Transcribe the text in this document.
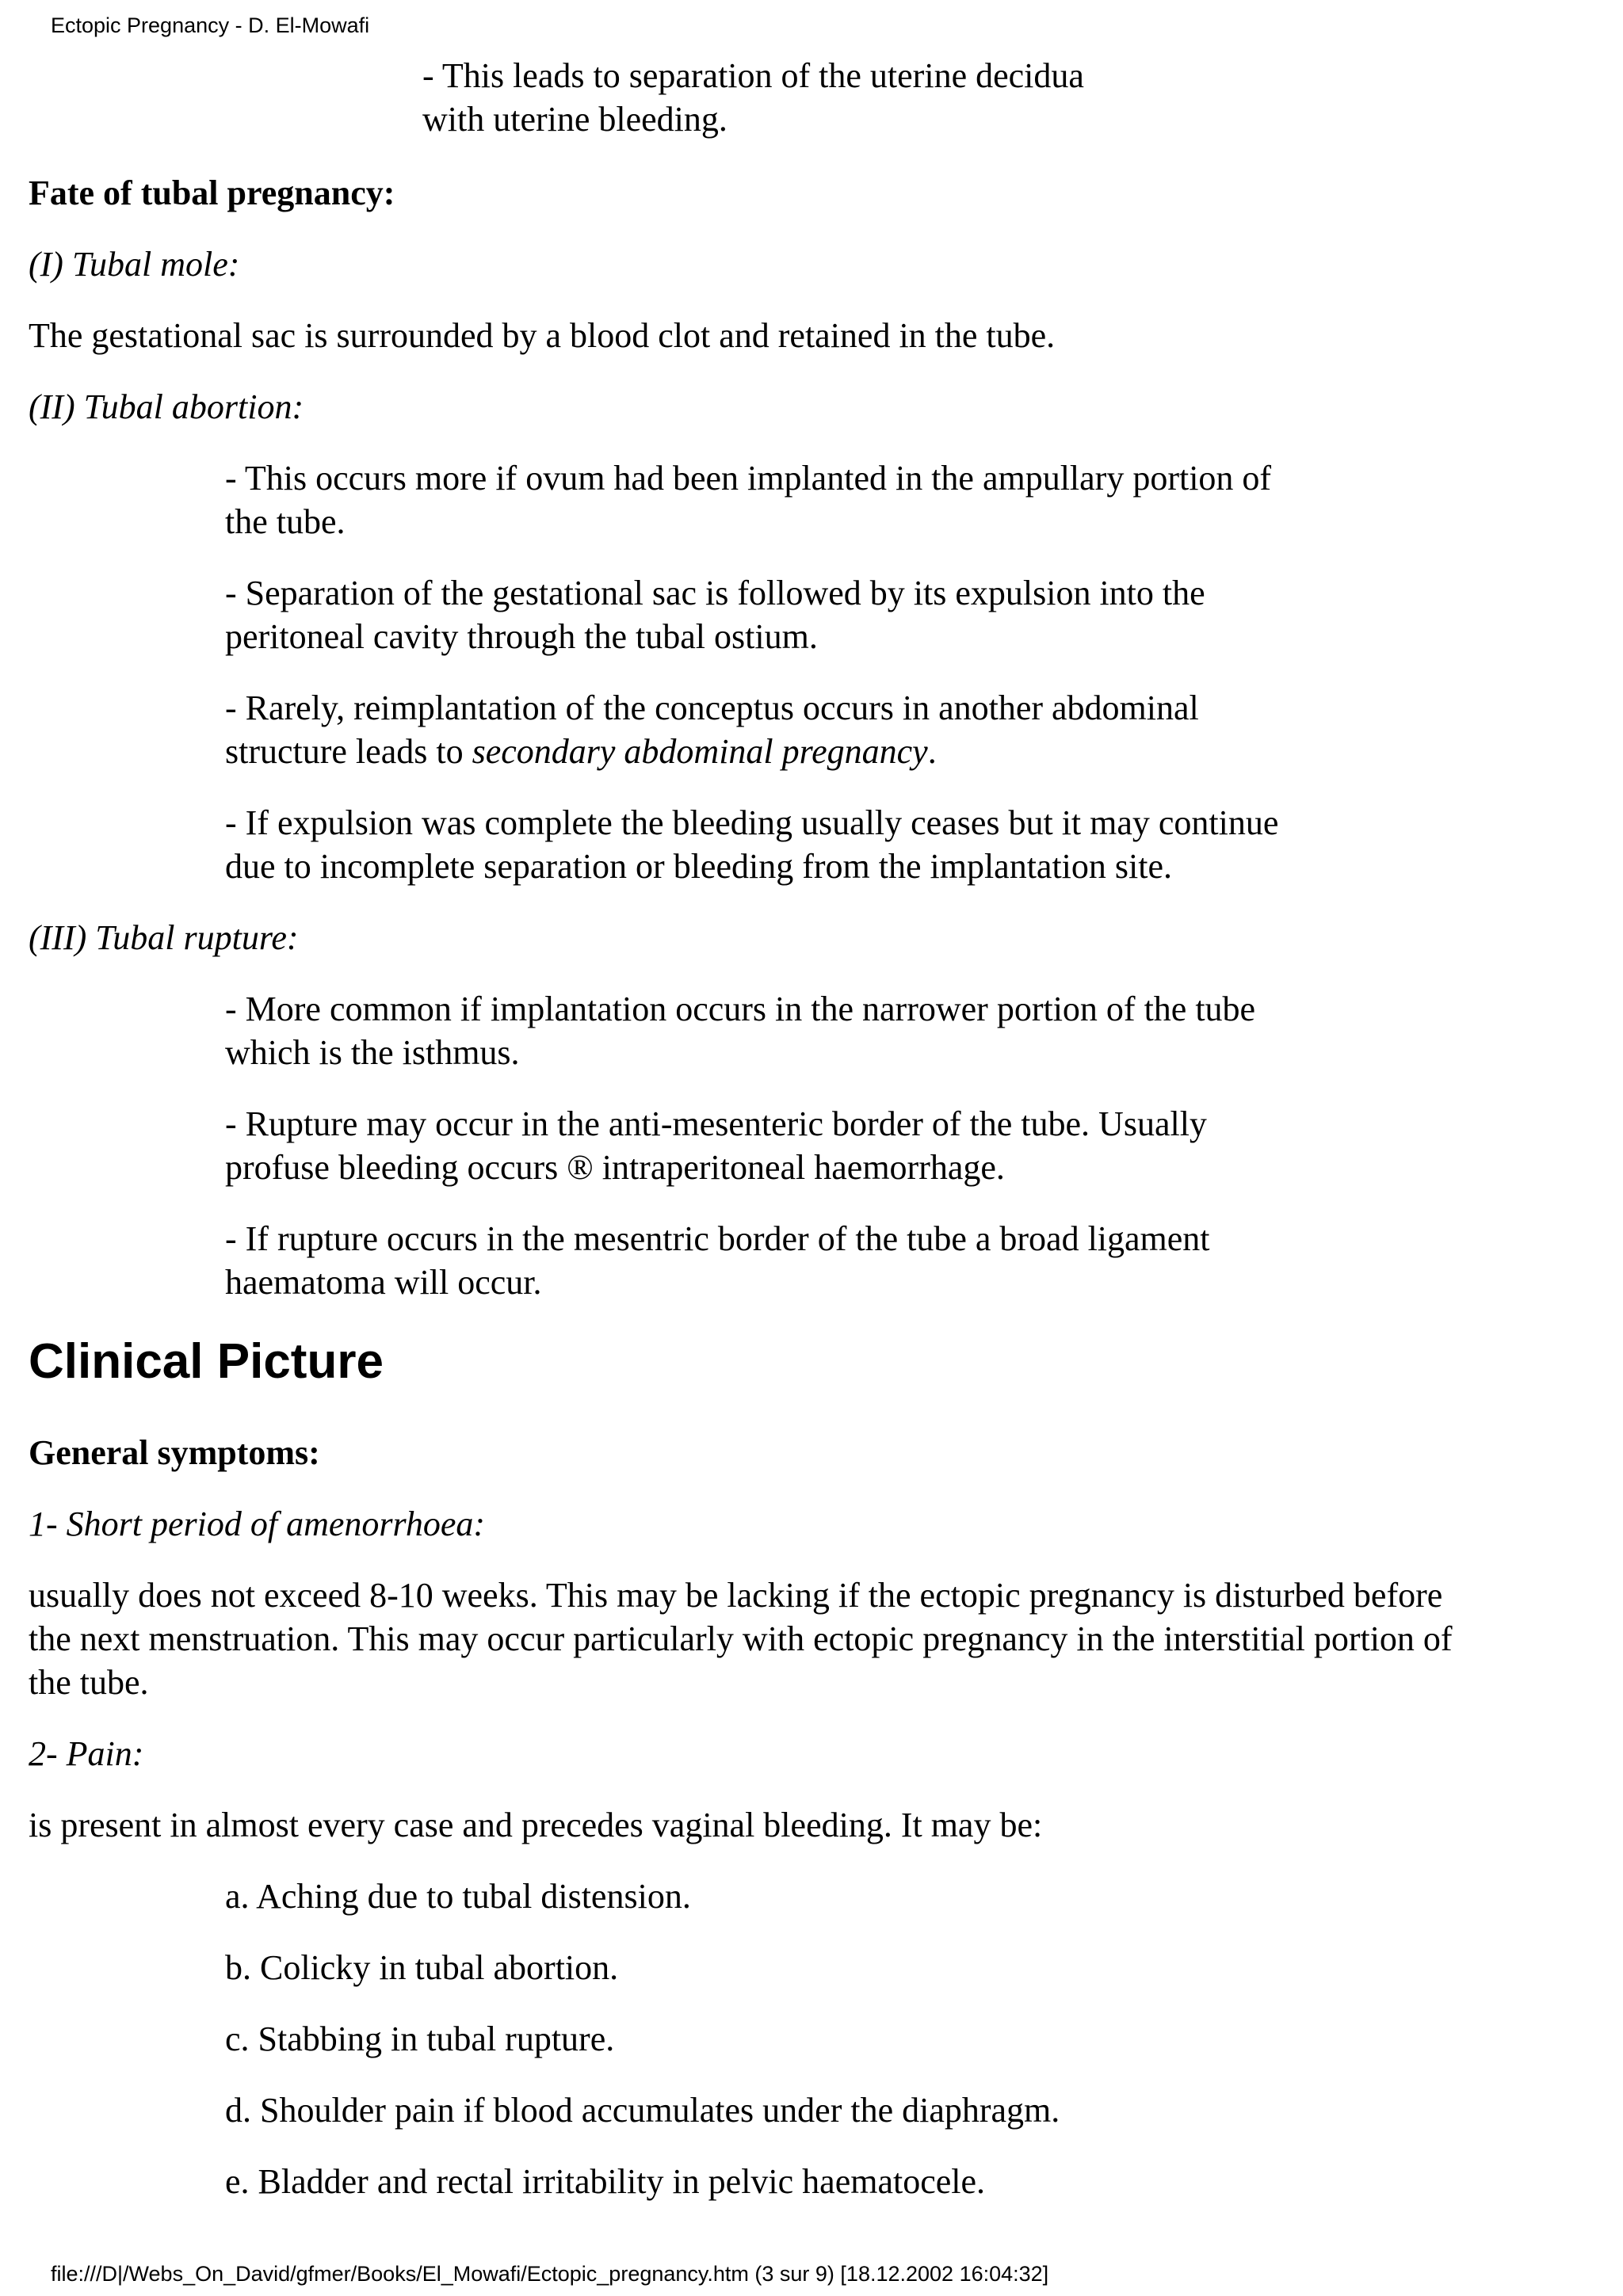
Ectopic Pregnancy - D. El-Mowafi
- This leads to separation of the uterine decidua
with uterine bleeding.
Fate of tubal pregnancy:
(I) Tubal mole:
The gestational sac is surrounded by a blood clot and retained in the tube.
(II) Tubal abortion:
- This occurs more if ovum had been implanted in the ampullary portion of
the tube.
- Separation of the gestational sac is followed by its expulsion into the
peritoneal cavity through the tubal ostium.
- Rarely, reimplantation of the conceptus occurs in another abdominal
structure leads to secondary abdominal pregnancy.
- If expulsion was complete the bleeding usually ceases but it may continue
due to incomplete separation or bleeding from the implantation site.
(III) Tubal rupture:
- More common if implantation occurs in the narrower portion of the tube
which is the isthmus.
- Rupture may occur in the anti-mesenteric border of the tube. Usually
profuse bleeding occurs ® intraperitoneal haemorrhage.
- If rupture occurs in the mesentric border of the tube a broad ligament
haematoma will occur.
Clinical Picture
General symptoms:
1- Short period of amenorrhoea:
usually does not exceed 8-10 weeks. This may be lacking if the ectopic pregnancy is disturbed before
the next menstruation. This may occur particularly with ectopic pregnancy in the interstitial portion of
the tube.
2- Pain:
is present in almost every case and precedes vaginal bleeding. It may be:
a. Aching due to tubal distension.
b. Colicky in tubal abortion.
c. Stabbing in tubal rupture.
d. Shoulder pain if blood accumulates under the diaphragm.
e. Bladder and rectal irritability in pelvic haematocele.
file:///D|/Webs_On_David/gfmer/Books/El_Mowafi/Ectopic_pregnancy.htm (3 sur 9) [18.12.2002 16:04:32]
